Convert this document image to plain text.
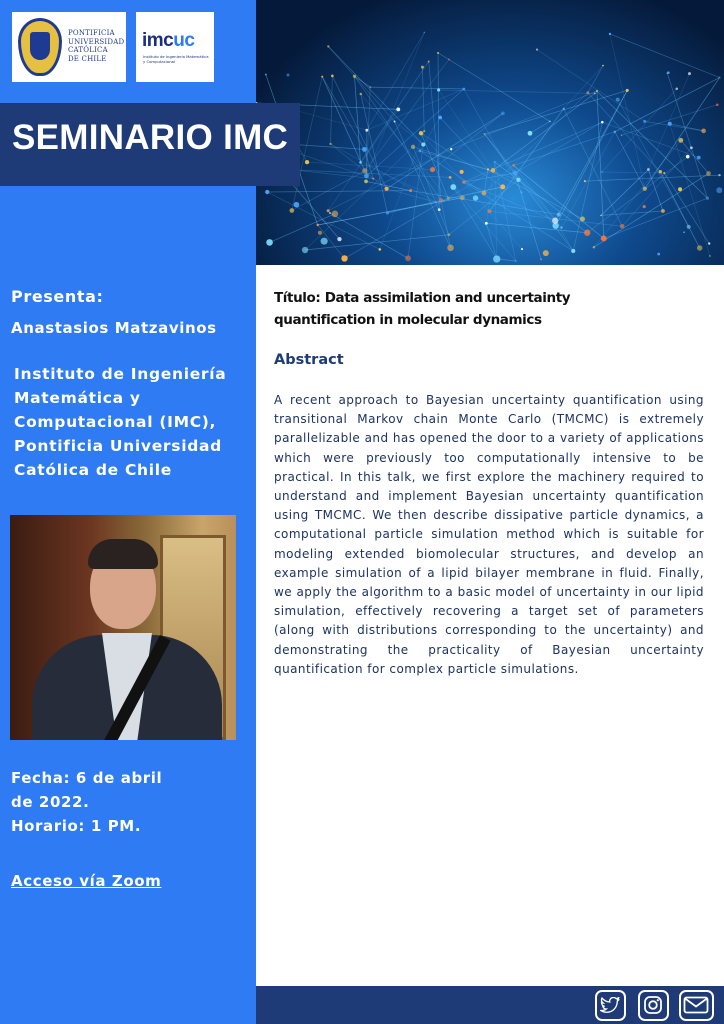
PONTIFICIA
UNIVERSIDAD
CATÓLICA
DE CHILE
imcuc
Instituto de Ingeniería Matemática y Computacional
SEMINARIO IMC
Presenta:
Anastasios Matzavinos
Instituto de Ingeniería
Matemática y
Computacional (IMC),
Pontificia Universidad
Católica de Chile
Fecha: 6 de abril
de 2022.
Horario: 1 PM.
Acceso vía Zoom
Título: Data assimilation and uncertainty
quantification in molecular dynamics
Abstract
A recent approach to Bayesian uncertainty quantification using transitional Markov chain Monte Carlo (TMCMC) is extremely parallelizable and has opened the door to a variety of applications which were previously too computationally intensive to be practical. In this talk, we first explore the machinery required to understand and implement Bayesian uncertainty quantification using TMCMC. We then describe dissipative particle dynamics, a computational particle simulation method which is suitable for modeling extended biomolecular structures, and develop an example simulation of a lipid bilayer membrane in fluid. Finally, we apply the algorithm to a basic model of uncertainty in our lipid simulation, effectively recovering a target set of parameters (along with distributions corresponding to the uncertainty) and demonstrating the practicality of Bayesian uncertainty quantification for complex particle simulations.
